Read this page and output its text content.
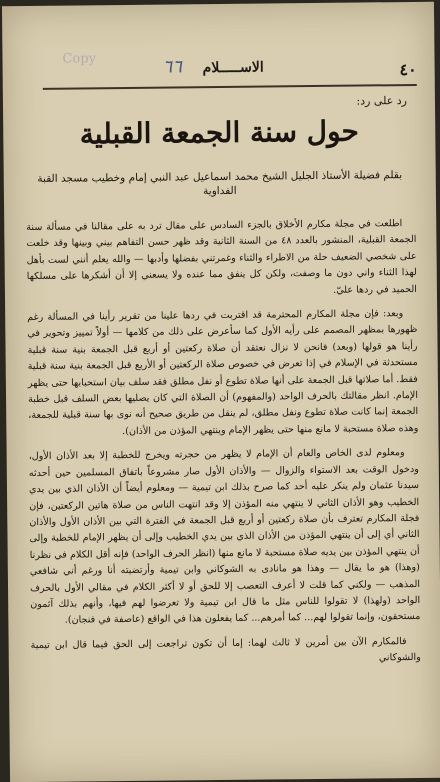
Copy	٦٦ الاســـــلام	٤٠
رد على رد:
حول سنة الجمعة القبلية
بقلم فضيلة الأستاذ الجليل الشيخ محمد اسماعيل عبد النبي إمام وخطيب مسجد القبة الفداوية

اطلعت في مجلة مكارم الأخلاق بالجزء السادس على مقال ترد به على مقالنا في مسألة سنة الجمعة القبلية، المنشور بالعدد ٤٨ من السنة الثانية وقد ظهر حسن التفاهم بيني وبينها وقد خلعت على شخصي الضعيف حلة من الاطراء والثناء وغمرتني بفضلها وأدبها — والله يعلم أنني لست بأهل لهذا الثناء واني دون ما وصفت، ولكن كل ينفق مما عنده ولا يسعني إلا أن أشكرها على مسلكها الحميد في ردها عليّ.

وبعد: فإن مجلة المكارم المحترمة قد اقتربت في ردها علينا من تقرير رأينا في المسألة رغم ظهورها بمظهر المصمم على رأيه الأول كما سأعرض على ذلك من كلامها — أولاً تمييز وتحوير في رأينا هو قولها (وبعد) فانحن لا نزال نعتقد أن صلاة ركعتين أو أربع قبل الجمعة بنية سنة قبلية مستحدثة في الإسلام في إذا تعرض في خصوص صلاة الركعتين أو الأربع قبل الجمعة بنية سنة قبلية فقط. أما صلاتها قبل الجمعة على أنها صلاة تطوع أو نفل مطلق فقد سلف بيان استحبابها حتى يظهر الإمام. انظر مقالتك بالحرف الواحد (والمفهوم) أن الصلاة التي كان يصليها بعض السلف قبل خطبة الجمعة إنما كانت صلاة تطوع ونفل مطلق، لم ينقل من طريق صحيح أنه نوى بها سنة قبلية للجمعة، وهذه صلاة مستحبة لا مانع منها حتى يظهر الإمام وينتهي المؤذن من الأذان).

ومعلوم لدى الخاص والعام أن الإمام لا يظهر من حجرته ويخرج للخطبة إلا بعد الأذان الأول، ودخول الوقت بعد الاستواء والزوال — والأذان الأول صار مشروعاً باتفاق المسلمين حين أحدثه سيدنا عثمان ولم ينكر عليه أحد كما صرح بذلك ابن تيمية — ومعلوم أيضاً أن الأذان الذي بين يدي الخطيب وهو الأذان الثاني لا ينتهي منه المؤذن إلا وقد انتهت الناس من صلاة هاتين الركعتين، فإن فجلة المكارم تعترف بأن صلاة ركعتين أو أربع قبل الجمعة في الفترة التي بين الأذان الأول والأذان الثاني أي إلى أن ينتهي المؤذن من الأذان الذي بين يدي الخطيب وإلى أن يظهر الإمام للخطبة وإلى أن ينتهي المؤذن بين يديه صلاة مستحبة لا مانع منها (انظر الحرف الواحد) فإنه أقل الكلام في نظرنا (وهذا) هو ما يقال — وهذا هو مانادى به الشوكاني وابن تيمية وأرتضيته أنا ورغم أني شافعي المذهب — ولكني كما قلت لا أعرف التعصب إلا للحق أو لا أكثر الكلام في مقالي الأول بالحرف الواحد (ولهذا) لا تقولوا للناس مثل ما قال ابن تيمية ولا تعرضوا لهم فيها، وأنهم بذلك آثمون مستحقون، وإنما تقولوا لهم... كما أمرهم... كما يفعلون هذا في الواقع (عاصفة في فنجان).

فالمكارم الآن بين أمرين لا ثالث لهما: إما أن تكون تراجعت إلى الحق فيما قال ابن تيمية والشوكاني
